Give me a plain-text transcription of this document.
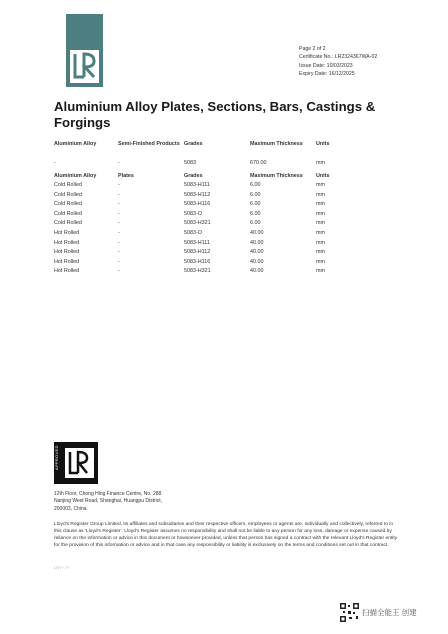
Page 2 of 2
Certificate No.: LR2324367WA-02
Issue Date: 10/03/2023
Expiry Date: 16/12/2025
Aluminium Alloy Plates, Sections, Bars, Castings & Forgings
Aluminium Alloy	Semi-Finished Products	Grades	Maximum Thickness	Units
-	-	5083	670.00	mm
Aluminium Alloy	Plates	Grades	Maximum Thickness	Units
Cold Rolled	-	5083-H111	6.00	mm
Cold Rolled	-	5083-H112	6.00	mm
Cold Rolled	-	5083-H116	6.00	mm
Cold Rolled	-	5083-O	6.00	mm
Cold Rolled	-	5083-H321	6.00	mm
Hot Rolled	-	5083-O	40.00	mm
Hot Rolled	-	5083-H111	40.00	mm
Hot Rolled	-	5083-H112	40.00	mm
Hot Rolled	-	5083-H116	40.00	mm
Hot Rolled	-	5083-H321	40.00	mm
APPROVED
12th Floor, Chong Hing Finance Centre, No. 288
Nanjing West Road, Shanghai, Huangpu District,
200003, China
Lloyd's Register Group Limited, its affiliates and subsidiaries and their respective officers, employees or agents are, individually and collectively, referred to in this clause as 'Lloyd's Register'. Lloyd's Register assumes no responsibility and shall not be liable to any person for any loss, damage or expense caused by reliance on the information or advice in this document or howsoever provided, unless that person has signed a contract with the relevant Lloyd's Register entity for the provision of this information or advice and in that case any responsibility or liability is exclusively on the terms and conditions set out in that contract.
LR?? ??
扫描全能王 创建
